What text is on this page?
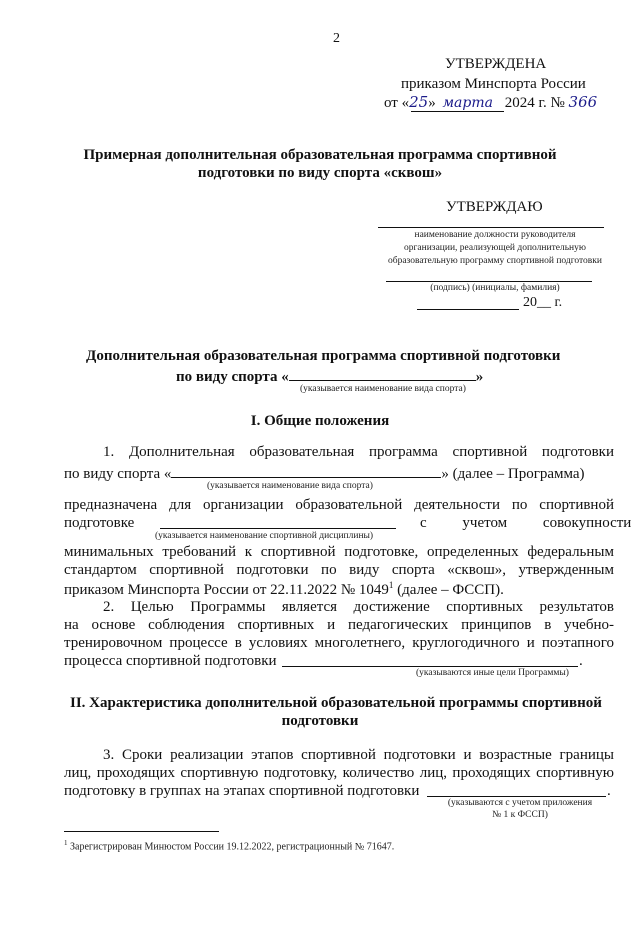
2
УТВЕРЖДЕНА
приказом Минспорта России
от «25» марта 2024 г. № 366
Примерная дополнительная образовательная программа спортивной
подготовки по виду спорта «сквош»
УТВЕРЖДАЮ
наименование должности руководителя
организации, реализующей дополнительную
образовательную программу спортивной подготовки
(подпись) (инициалы, фамилия)
20__ г.
Дополнительная образовательная программа спортивной подготовки
по виду спорта «	»
(указывается наименование вида спорта)
I. Общие положения
1. Дополнительная образовательная программа спортивной подготовки
по виду спорта «	» (далее – Программа)
(указывается наименование вида спорта)
предназначена для организации образовательной деятельности по спортивной
подготовке	с учетом совокупности
(указывается наименование спортивной дисциплины)
минимальных требований к спортивной подготовке, определенных федеральным
стандартом спортивной подготовки по виду спорта «сквош», утвержденным
приказом Минспорта России от 22.11.2022 № 1049$^1$ (далее – ФССП).
2. Целью Программы является достижение спортивных результатов
на основе соблюдения спортивных и педагогических принципов в учебно-
тренировочном процессе в условиях многолетнего, круглогодичного и поэтапного
процесса спортивной подготовки	.
(указываются иные цели Программы)
II. Характеристика дополнительной образовательной программы спортивной
подготовки
3. Сроки реализации этапов спортивной подготовки и возрастные границы
лиц, проходящих спортивную подготовку, количество лиц, проходящих спортивную
подготовку в группах на этапах спортивной подготовки	.
(указываются с учетом приложения
№ 1 к ФССП)
$^1$ Зарегистрирован Минюстом России 19.12.2022, регистрационный № 71647.
